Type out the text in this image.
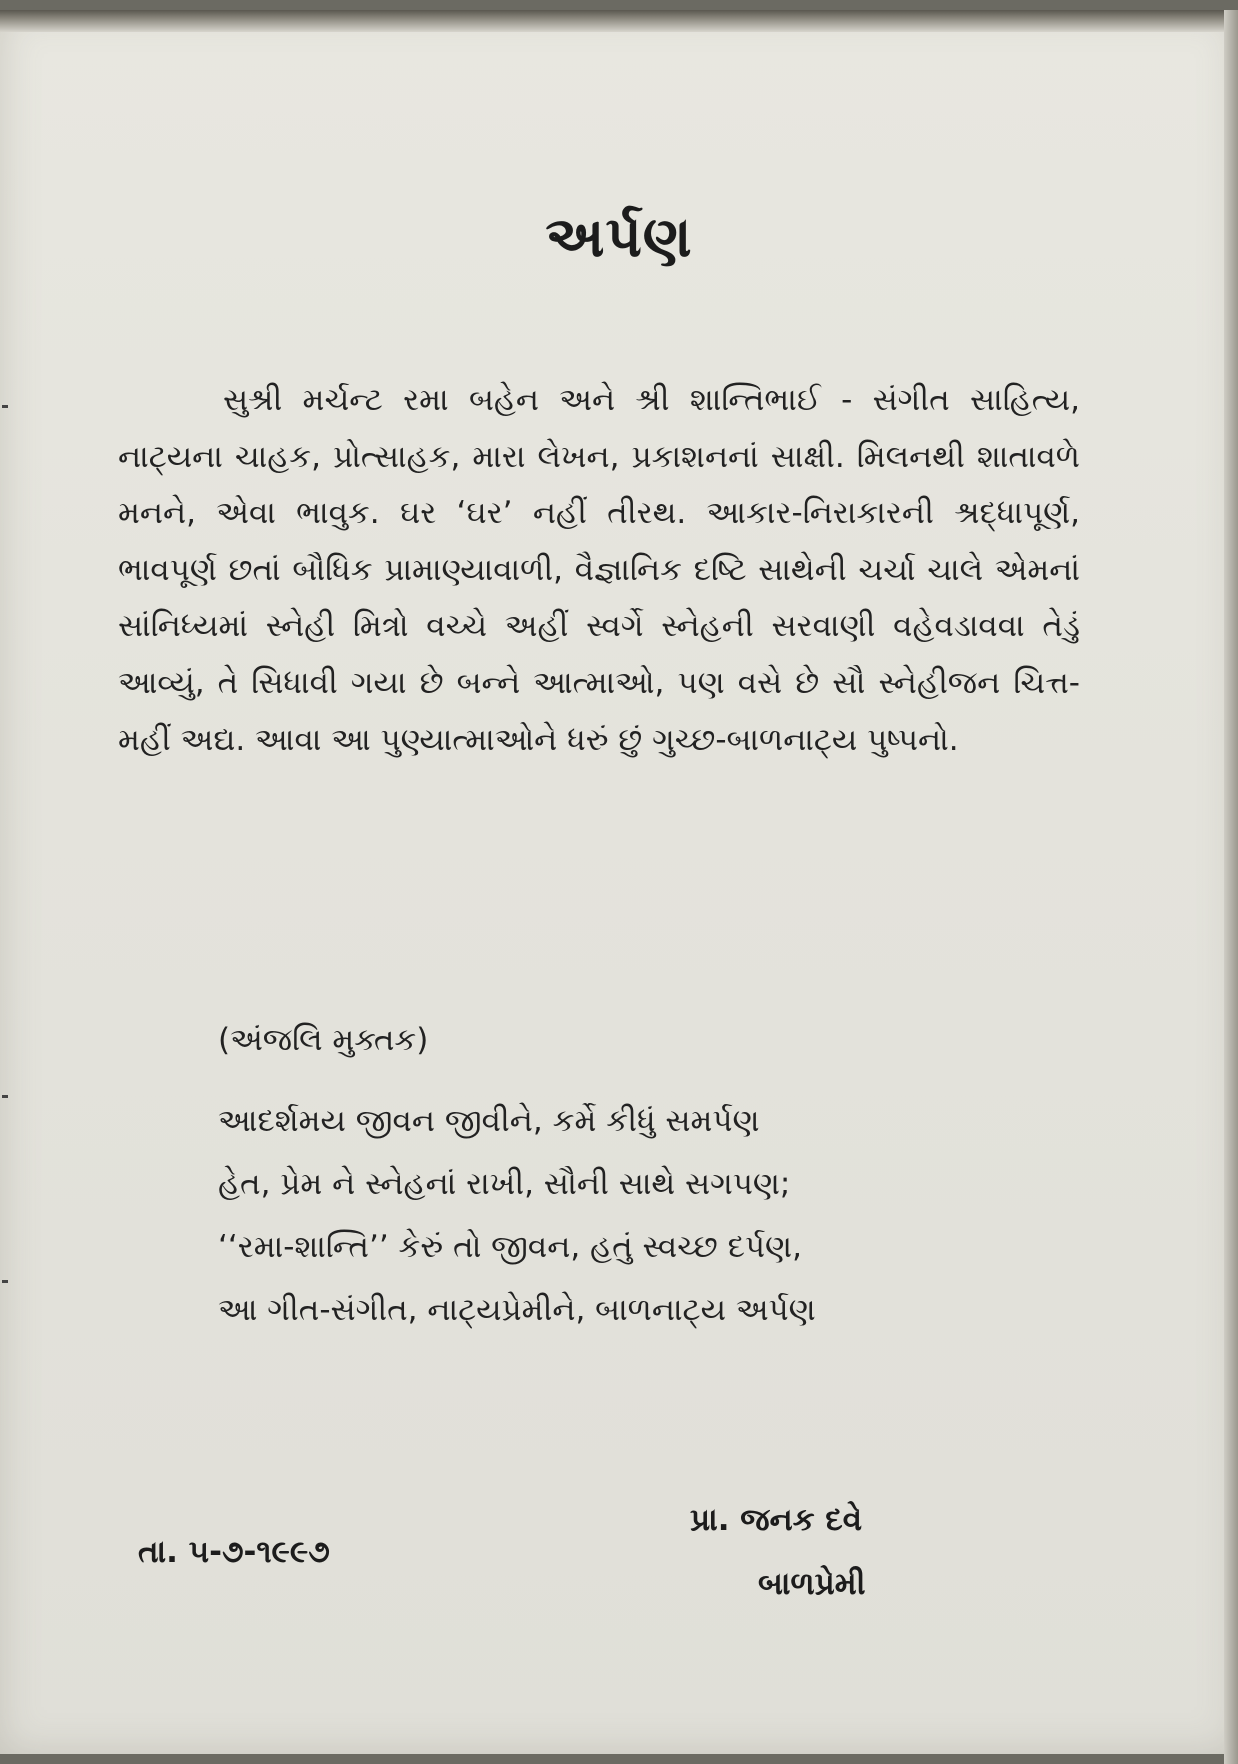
અર્પણ

સુશ્રી મર્ચન્ટ રમા બહેન અને શ્રી શાન્તિભાઈ - સંગીત સાહિત્ય, નાટ્યના ચાહક, પ્રોત્સાહક, મારા લેખન, પ્રકાશનનાં સાક્ષી. મિલનથી શાતાવળે મનને, એવા ભાવુક. ઘર ‘ઘર’ નહીં તીરથ. આકાર-નિરાકારની શ્રદ્ધાપૂર્ણ, ભાવપૂર્ણ છતાં બૌધિક પ્રામાણ્યાવાળી, વૈજ્ઞાનિક દષ્ટિ સાથેની ચર્ચા ચાલે એમનાં સાંનિધ્યમાં સ્નેહી મિત્રો વચ્ચે અહીં સ્વર્ગે સ્નેહની સરવાણી વહેવડાવવા તેડું આવ્યું, તે સિધાવી ગયા છે બન્ને આત્માઓ, પણ વસે છે સૌ સ્નેહીજન ચિત્ત-મહીં અદ્ય. આવા આ પુણ્યાત્માઓને ધરું છું ગુચ્છ-બાળનાટ્ય પુષ્પનો.

(અંજલિ મુક્તક)
આદર્શમય જીવન જીવીને, કર્મે કીધું સમર્પણ
હેત, પ્રેમ ને સ્નેહનાં રાખી, સૌની સાથે સગપણ;
‘‘રમા-શાન્તિ’’ કેરું તો જીવન, હતું સ્વચ્છ દર્પણ,
આ ગીત-સંગીત, નાટ્યપ્રેમીને, બાળનાટ્ય અર્પણ
તા. ૫-૭-૧૯૯૭
પ્રા. જનક દવે
બાળપ્રેમી
